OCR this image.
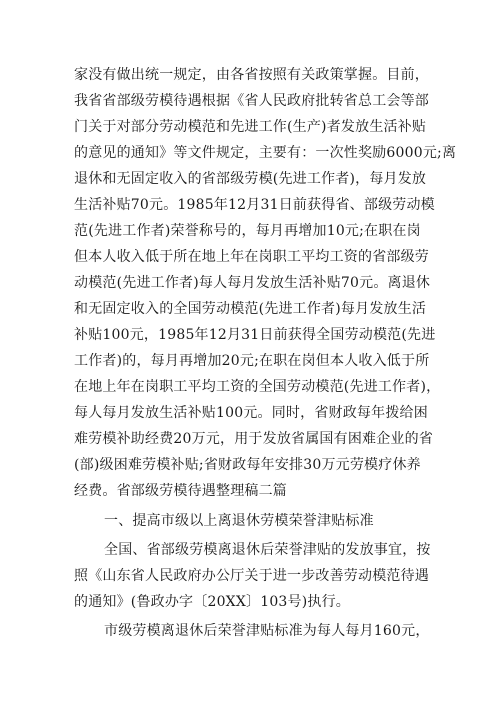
家没有做出统一规定，由各省按照有关政策掌握。目前，
我省省部级劳模待遇根据《省人民政府批转省总工会等部
门关于对部分劳动模范和先进工作(生产)者发放生活补贴
的意见的通知》等文件规定，主要有：一次性奖励6000元;离
退休和无固定收入的省部级劳模(先进工作者)，每月发放
生活补贴70元。1985年12月31日前获得省、部级劳动模
范(先进工作者)荣誉称号的，每月再增加10元;在职在岗
但本人收入低于所在地上年在岗职工平均工资的省部级劳
动模范(先进工作者)每人每月发放生活补贴70元。离退休
和无固定收入的全国劳动模范(先进工作者)每月发放生活
补贴100元，1985年12月31日前获得全国劳动模范(先进
工作者)的，每月再增加20元;在职在岗但本人收入低于所
在地上年在岗职工平均工资的全国劳动模范(先进工作者)，
每人每月发放生活补贴100元。同时，省财政每年拨给困
难劳模补助经费20万元，用于发放省属国有困难企业的省
(部)级困难劳模补贴;省财政每年安排30万元劳模疗休养
经费。省部级劳模待遇整理稿二篇
一、提高市级以上离退休劳模荣誉津贴标准
全国、省部级劳模离退休后荣誉津贴的发放事宜，按
照《山东省人民政府办公厅关于进一步改善劳动模范待遇
的通知》(鲁政办字〔20XX〕103号)执行。
市级劳模离退休后荣誉津贴标准为每人每月160元，
